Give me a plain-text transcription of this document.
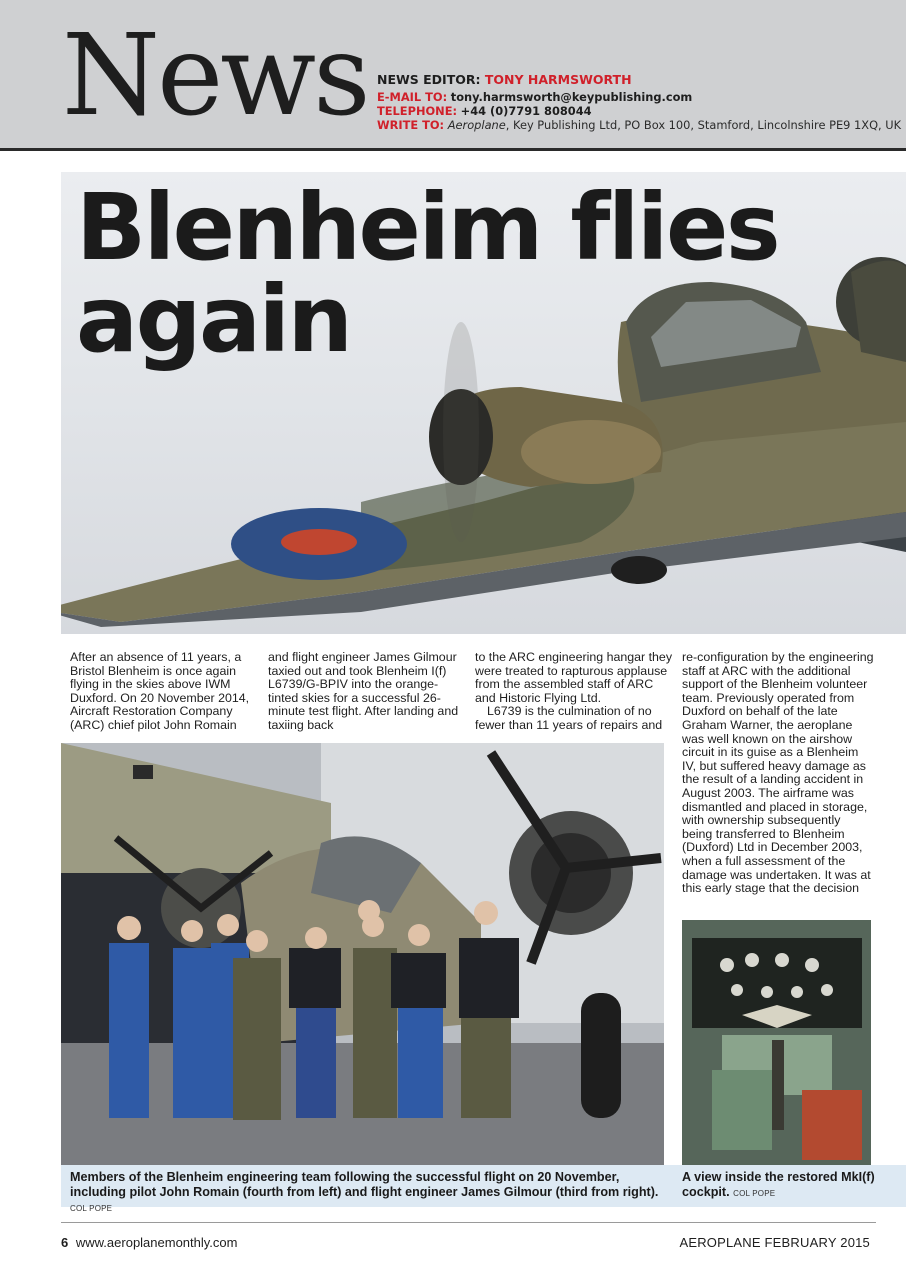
News NEWS EDITOR: TONY HARMSWORTH
E-MAIL TO: tony.harmsworth@keypublishing.com
TELEPHONE: +44 (0)7791 808044
WRITE TO: Aeroplane, Key Publishing Ltd, PO Box 100, Stamford, Lincolnshire PE9 1XQ, UK
Blenheim flies
again

After an absence of 11 years, a Bristol Blenheim is once again flying in the skies above IWM Duxford. On 20 November 2014, Aircraft Restoration Company (ARC) chief pilot John Romain

and flight engineer James Gilmour taxied out and took Blenheim I(f) L6739/G-BPIV into the orange-tinted skies for a successful 26-minute test flight. After landing and taxiing back

to the ARC engineering hangar they were treated to rapturous applause from the assembled staff of ARC and Historic Flying Ltd.

L6739 is the culmination of no fewer than 11 years of repairs and

re-configuration by the engineering staff at ARC with the additional support of the Blenheim volunteer team. Previously operated from Duxford on behalf of the late Graham Warner, the aeroplane was well known on the airshow circuit in its guise as a Blenheim IV, but suffered heavy damage as the result of a landing accident in August 2003. The airframe was dismantled and placed in storage, with ownership subsequently being transferred to Blenheim (Duxford) Ltd in December 2003, when a full assessment of the damage was undertaken. It was at this early stage that the decision

Members of the Blenheim engineering team following the successful flight on 20 November, including pilot John Romain (fourth from left) and flight engineer James Gilmour (third from right). COL POPE
A view inside the restored MkI(f) cockpit. COL POPE
6 www.aeroplanemonthly.com	AEROPLANE FEBRUARY 2015
